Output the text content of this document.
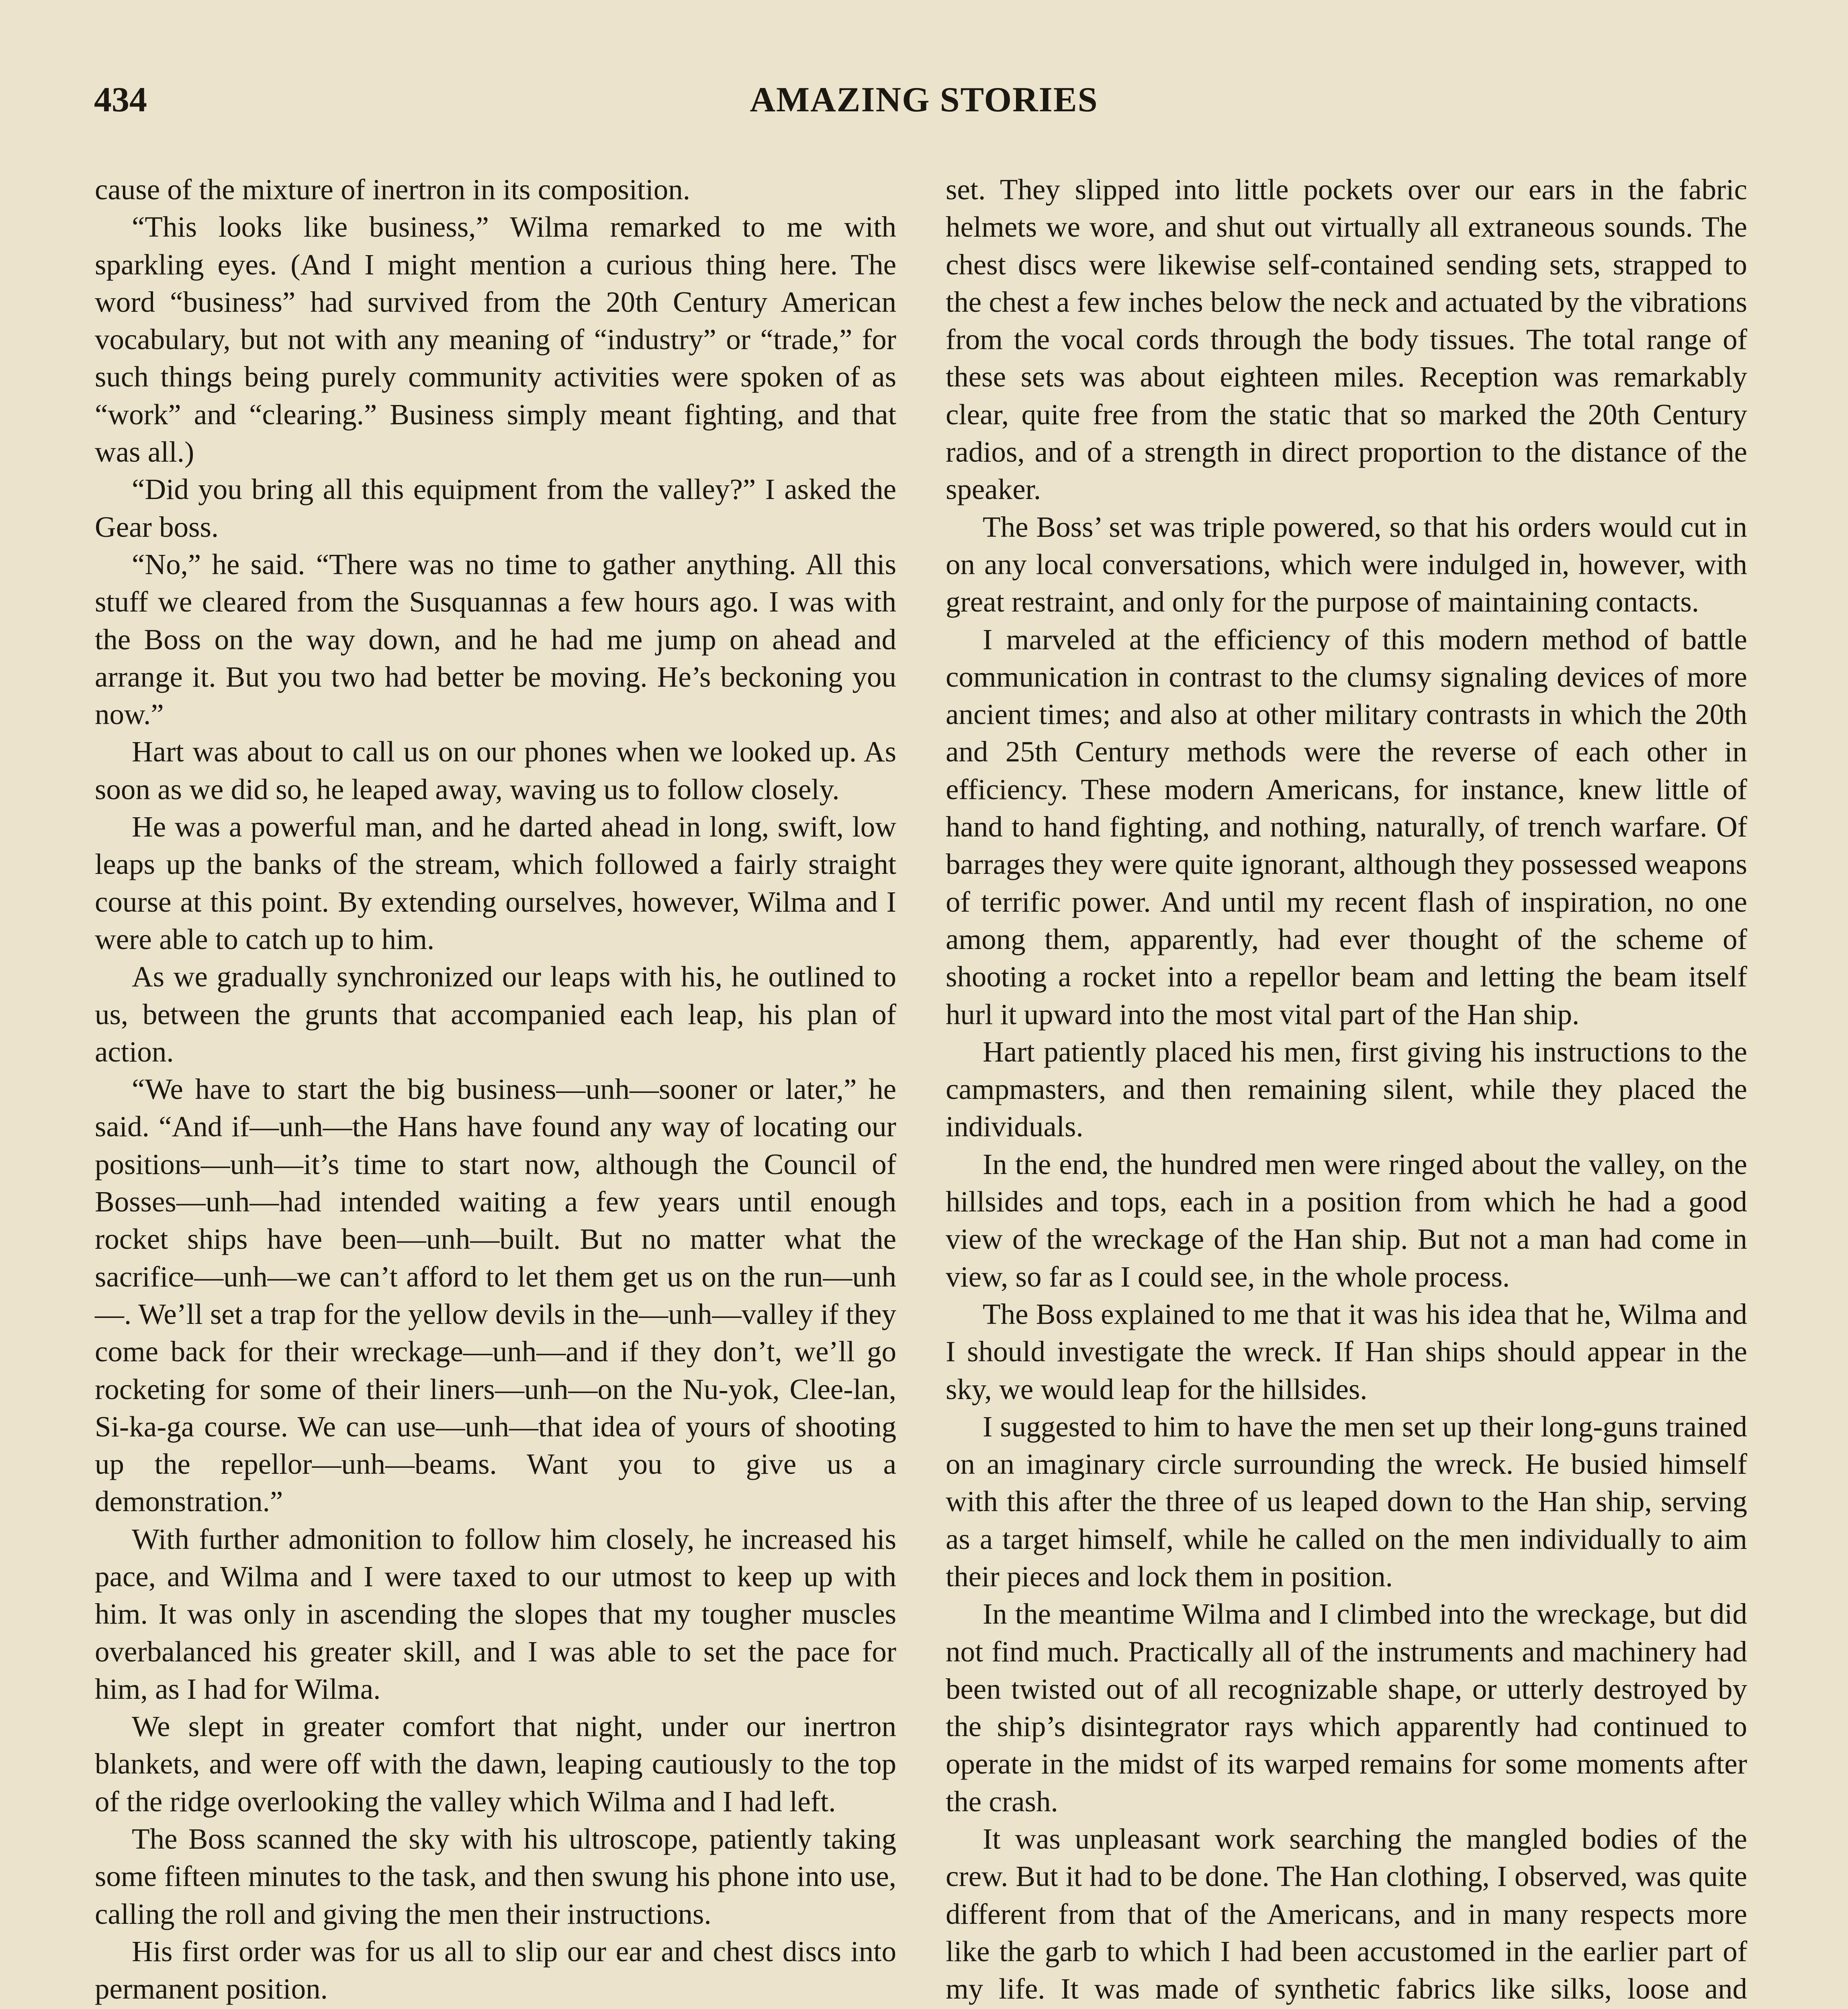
434	AMAZING STORIES

cause of the mixture of inertron in its composition.

“This looks like business,” Wilma remarked to me with sparkling eyes. (And I might mention a curious thing here. The word “business” had survived from the 20th Century American vocabulary, but not with any meaning of “industry” or “trade,” for such things being purely community activities were spoken of as “work” and “clearing.” Business simply meant fighting, and that was all.)

“Did you bring all this equipment from the valley?” I asked the Gear boss.

“No,” he said. “There was no time to gather anything. All this stuff we cleared from the Susquannas a few hours ago. I was with the Boss on the way down, and he had me jump on ahead and arrange it. But you two had better be moving. He’s beckoning you now.”

Hart was about to call us on our phones when we looked up. As soon as we did so, he leaped away, waving us to follow closely.

He was a powerful man, and he darted ahead in long, swift, low leaps up the banks of the stream, which followed a fairly straight course at this point. By extending ourselves, however, Wilma and I were able to catch up to him.

As we gradually synchronized our leaps with his, he outlined to us, between the grunts that accompanied each leap, his plan of action.

“We have to start the big business—unh—sooner or later,” he said. “And if—unh—the Hans have found any way of locating our positions—unh—it’s time to start now, although the Council of Bosses—unh—had intended waiting a few years until enough rocket ships have been—unh—built. But no matter what the sacrifice—unh—we can’t afford to let them get us on the run—unh—. We’ll set a trap for the yellow devils in the—unh—valley if they come back for their wreckage—unh—and if they don’t, we’ll go rocketing for some of their liners—unh—on the Nu-yok, Clee-lan, Si-ka-ga course. We can use—unh—that idea of yours of shooting up the repellor—unh—beams. Want you to give us a demonstration.”

With further admonition to follow him closely, he increased his pace, and Wilma and I were taxed to our utmost to keep up with him. It was only in ascending the slopes that my tougher muscles overbalanced his greater skill, and I was able to set the pace for him, as I had for Wilma.

We slept in greater comfort that night, under our inertron blankets, and were off with the dawn, leaping cautiously to the top of the ridge overlooking the valley which Wilma and I had left.

The Boss scanned the sky with his ultroscope, patiently taking some fifteen minutes to the task, and then swung his phone into use, calling the roll and giving the men their instructions.

His first order was for us all to slip our ear and chest discs into permanent position.

set. They slipped into little pockets over our ears in the fabric helmets we wore, and shut out virtually all extraneous sounds. The chest discs were likewise self-contained sending sets, strapped to the chest a few inches below the neck and actuated by the vibrations from the vocal cords through the body tissues. The total range of these sets was about eighteen miles. Reception was remarkably clear, quite free from the static that so marked the 20th Century radios, and of a strength in direct proportion to the distance of the speaker.

The Boss’ set was triple powered, so that his orders would cut in on any local conversations, which were indulged in, however, with great restraint, and only for the purpose of maintaining contacts.

I marveled at the efficiency of this modern method of battle communication in contrast to the clumsy signaling devices of more ancient times; and also at other military contrasts in which the 20th and 25th Century methods were the reverse of each other in efficiency. These modern Americans, for instance, knew little of hand to hand fighting, and nothing, naturally, of trench warfare. Of barrages they were quite ignorant, although they possessed weapons of terrific power. And until my recent flash of inspiration, no one among them, apparently, had ever thought of the scheme of shooting a rocket into a repellor beam and letting the beam itself hurl it upward into the most vital part of the Han ship.

Hart patiently placed his men, first giving his instructions to the campmasters, and then remaining silent, while they placed the individuals.

In the end, the hundred men were ringed about the valley, on the hillsides and tops, each in a position from which he had a good view of the wreckage of the Han ship. But not a man had come in view, so far as I could see, in the whole process.

The Boss explained to me that it was his idea that he, Wilma and I should investigate the wreck. If Han ships should appear in the sky, we would leap for the hillsides.

I suggested to him to have the men set up their long-guns trained on an imaginary circle surrounding the wreck. He busied himself with this after the three of us leaped down to the Han ship, serving as a target himself, while he called on the men individually to aim their pieces and lock them in position.

In the meantime Wilma and I climbed into the wreckage, but did not find much. Practically all of the instruments and machinery had been twisted out of all recognizable shape, or utterly destroyed by the ship’s disintegrator rays which apparently had continued to operate in the midst of its warped remains for some moments after the crash.

It was unpleasant work searching the mangled bodies of the crew. But it had to be done. The Han clothing, I observed, was quite different from that of the Americans, and in many respects more like the garb to which I had been accustomed in the earlier part of my life. It was made of synthetic fabrics like silks, loose and
